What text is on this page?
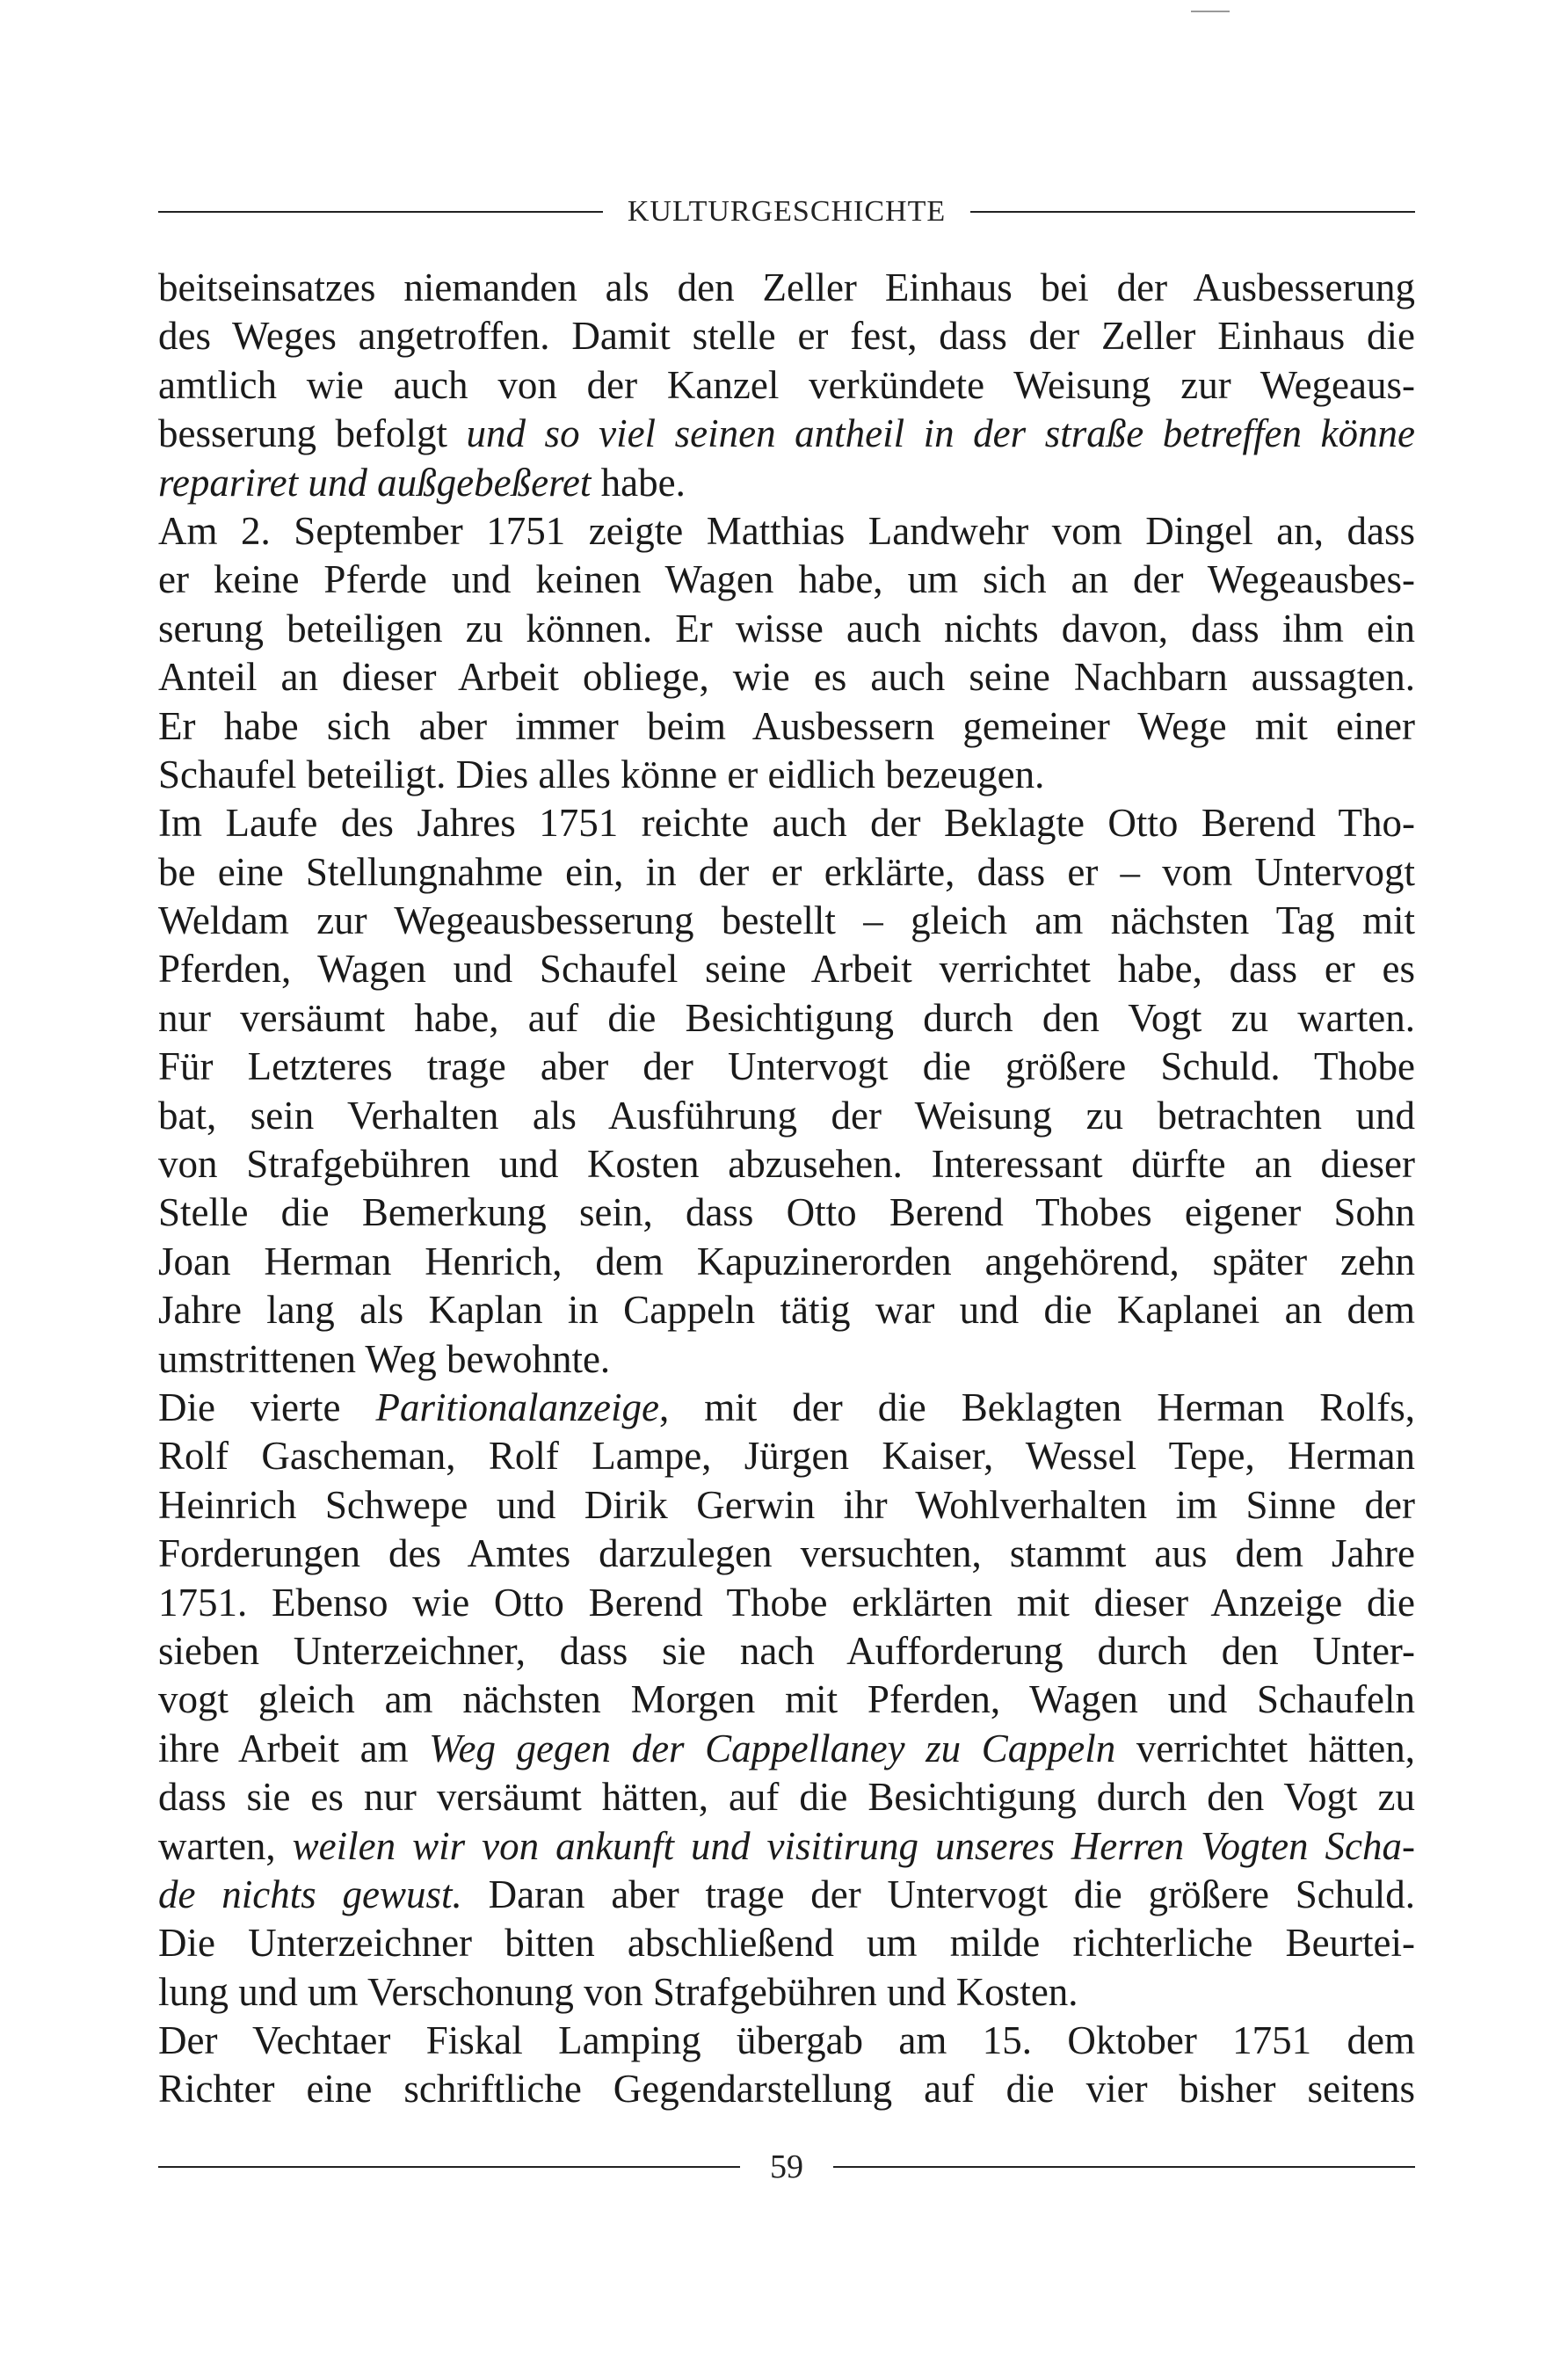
KULTURGESCHICHTE
beitseinsatzes niemanden als den Zeller Einhaus bei der Ausbesserung
des Weges angetroffen. Damit stelle er fest, dass der Zeller Einhaus die
amtlich wie auch von der Kanzel verkündete Weisung zur Wegeaus-
besserung befolgt und so viel seinen antheil in der straße betreffen könne
repariret und außgebeßeret habe.
Am 2. September 1751 zeigte Matthias Landwehr vom Dingel an, dass
er keine Pferde und keinen Wagen habe, um sich an der Wegeausbes-
serung beteiligen zu können. Er wisse auch nichts davon, dass ihm ein
Anteil an dieser Arbeit obliege, wie es auch seine Nachbarn aussagten.
Er habe sich aber immer beim Ausbessern gemeiner Wege mit einer
Schaufel beteiligt. Dies alles könne er eidlich bezeugen.
Im Laufe des Jahres 1751 reichte auch der Beklagte Otto Berend Tho-
be eine Stellungnahme ein, in der er erklärte, dass er – vom Untervogt
Weldam zur Wegeausbesserung bestellt – gleich am nächsten Tag mit
Pferden, Wagen und Schaufel seine Arbeit verrichtet habe, dass er es
nur versäumt habe, auf die Besichtigung durch den Vogt zu warten.
Für Letzteres trage aber der Untervogt die größere Schuld. Thobe
bat, sein Verhalten als Ausführung der Weisung zu betrachten und
von Strafgebühren und Kosten abzusehen. Interessant dürfte an dieser
Stelle die Bemerkung sein, dass Otto Berend Thobes eigener Sohn
Joan Herman Henrich, dem Kapuzinerorden angehörend, später zehn
Jahre lang als Kaplan in Cappeln tätig war und die Kaplanei an dem
umstrittenen Weg bewohnte.
Die vierte Paritionalanzeige, mit der die Beklagten Herman Rolfs,
Rolf Gascheman, Rolf Lampe, Jürgen Kaiser, Wessel Tepe, Herman
Heinrich Schwepe und Dirik Gerwin ihr Wohlverhalten im Sinne der
Forderungen des Amtes darzulegen versuchten, stammt aus dem Jahre
1751. Ebenso wie Otto Berend Thobe erklärten mit dieser Anzeige die
sieben Unterzeichner, dass sie nach Aufforderung durch den Unter-
vogt gleich am nächsten Morgen mit Pferden, Wagen und Schaufeln
ihre Arbeit am Weg gegen der Cappellaney zu Cappeln verrichtet hätten,
dass sie es nur versäumt hätten, auf die Besichtigung durch den Vogt zu
warten, weilen wir von ankunft und visitirung unseres Herren Vogten Scha-
de nichts gewust. Daran aber trage der Untervogt die größere Schuld.
Die Unterzeichner bitten abschließend um milde richterliche Beurtei-
lung und um Verschonung von Strafgebühren und Kosten.
Der Vechtaer Fiskal Lamping übergab am 15. Oktober 1751 dem
Richter eine schriftliche Gegendarstellung auf die vier bisher seitens
59
